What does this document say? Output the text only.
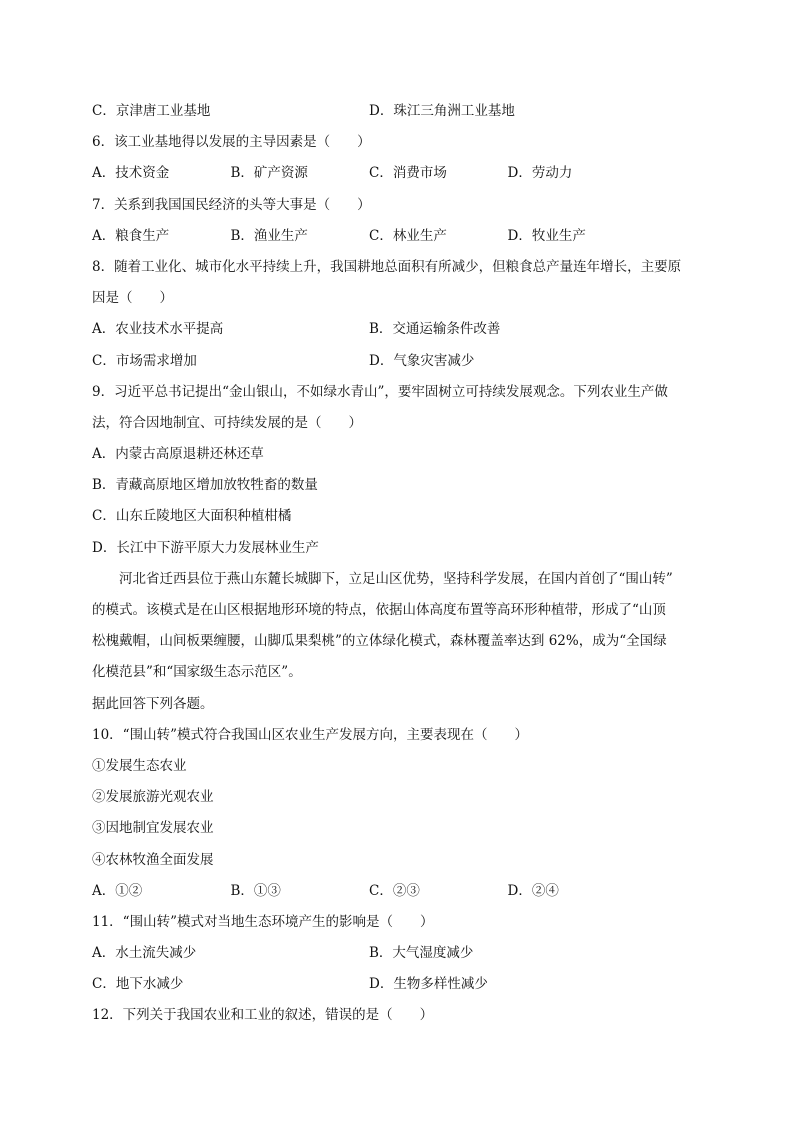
C．京津唐工业基地	D．珠江三角洲工业基地
6．该工业基地得以发展的主导因素是（　　）
A．技术资金	B．矿产资源	C．消费市场	D．劳动力
7．关系到我国国民经济的头等大事是（　　）
A．粮食生产	B．渔业生产	C．林业生产	D．牧业生产
8．随着工业化、城市化水平持续上升，我国耕地总面积有所减少，但粮食总产量连年增长，主要原
因是（　　）
A．农业技术水平提高	B．交通运输条件改善
C．市场需求增加	D．气象灾害减少
9．习近平总书记提出“金山银山，不如绿水青山”，要牢固树立可持续发展观念。下列农业生产做
法，符合因地制宜、可持续发展的是（　　）
A．内蒙古高原退耕还林还草
B．青藏高原地区增加放牧牲畜的数量
C．山东丘陵地区大面积种植柑橘
D．长江中下游平原大力发展林业生产
河北省迁西县位于燕山东麓长城脚下，立足山区优势，坚持科学发展，在国内首创了“围山转”
的模式。该模式是在山区根据地形环境的特点，依据山体高度布置等高环形种植带，形成了“山顶
松槐戴帽，山间板栗缠腰，山脚瓜果梨桃”的立体绿化模式，森林覆盖率达到 62%，成为“全国绿
化模范县”和“国家级生态示范区”。
据此回答下列各题。
10．“围山转”模式符合我国山区农业生产发展方向，主要表现在（　　）
①发展生态农业
②发展旅游光观农业
③因地制宜发展农业
④农林牧渔全面发展
A．①②	B．①③	C．②③	D．②④
11．“围山转”模式对当地生态环境产生的影响是（　　）
A．水土流失减少	B．大气湿度减少
C．地下水减少	D．生物多样性减少
12．下列关于我国农业和工业的叙述，错误的是（　　）
